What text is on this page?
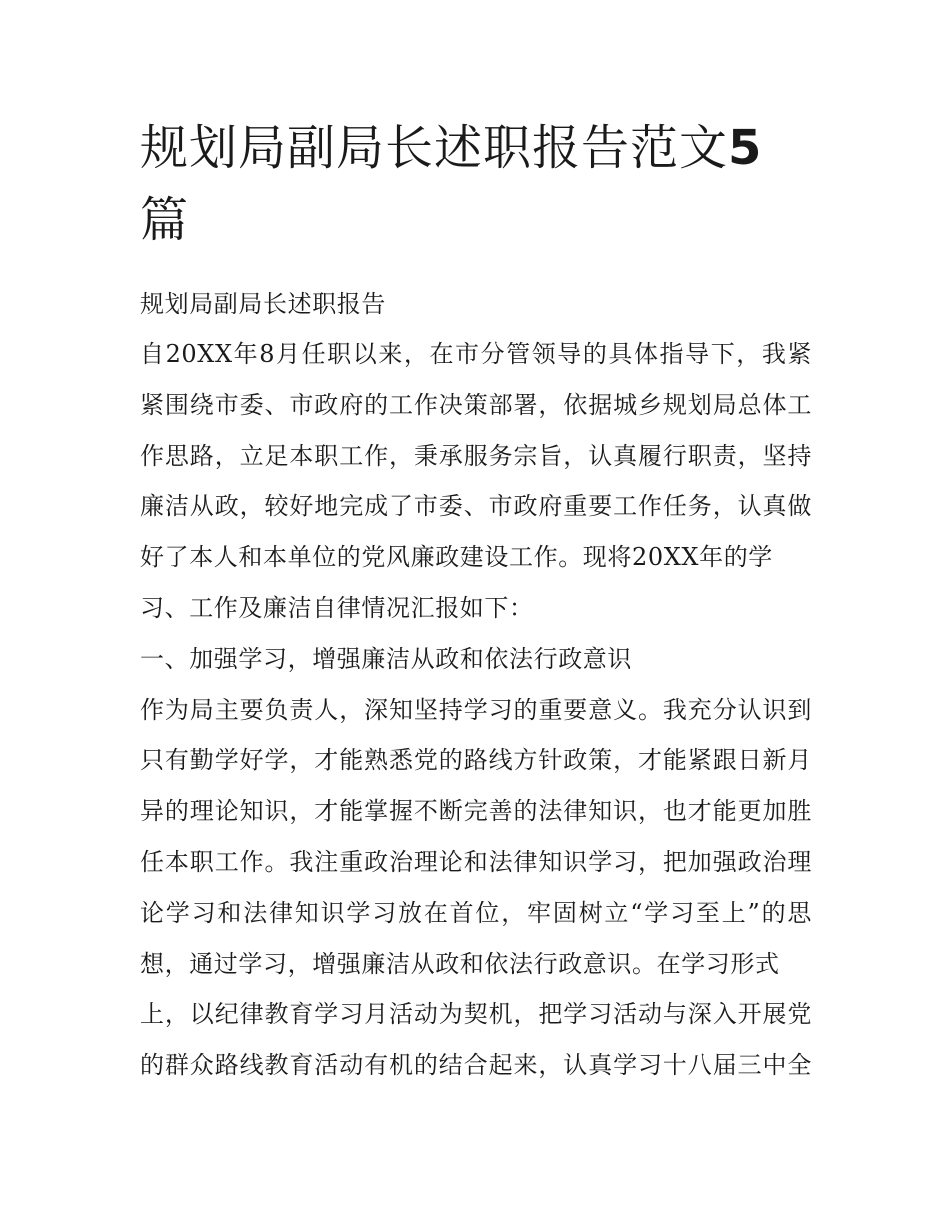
规划局副局长述职报告范文5
篇
规划局副局长述职报告
自20XX年8月任职以来，在市分管领导的具体指导下，我紧
紧围绕市委、市政府的工作决策部署，依据城乡规划局总体工
作思路，立足本职工作，秉承服务宗旨，认真履行职责，坚持
廉洁从政，较好地完成了市委、市政府重要工作任务，认真做
好了本人和本单位的党风廉政建设工作。现将20XX年的学
习、工作及廉洁自律情况汇报如下：
一、加强学习，增强廉洁从政和依法行政意识
作为局主要负责人，深知坚持学习的重要意义。我充分认识到
只有勤学好学，才能熟悉党的路线方针政策，才能紧跟日新月
异的理论知识，才能掌握不断完善的法律知识，也才能更加胜
任本职工作。我注重政治理论和法律知识学习，把加强政治理
论学习和法律知识学习放在首位，牢固树立“学习至上”的思
想，通过学习，增强廉洁从政和依法行政意识。在学习形式
上，以纪律教育学习月活动为契机，把学习活动与深入开展党
的群众路线教育活动有机的结合起来，认真学习十八届三中全
